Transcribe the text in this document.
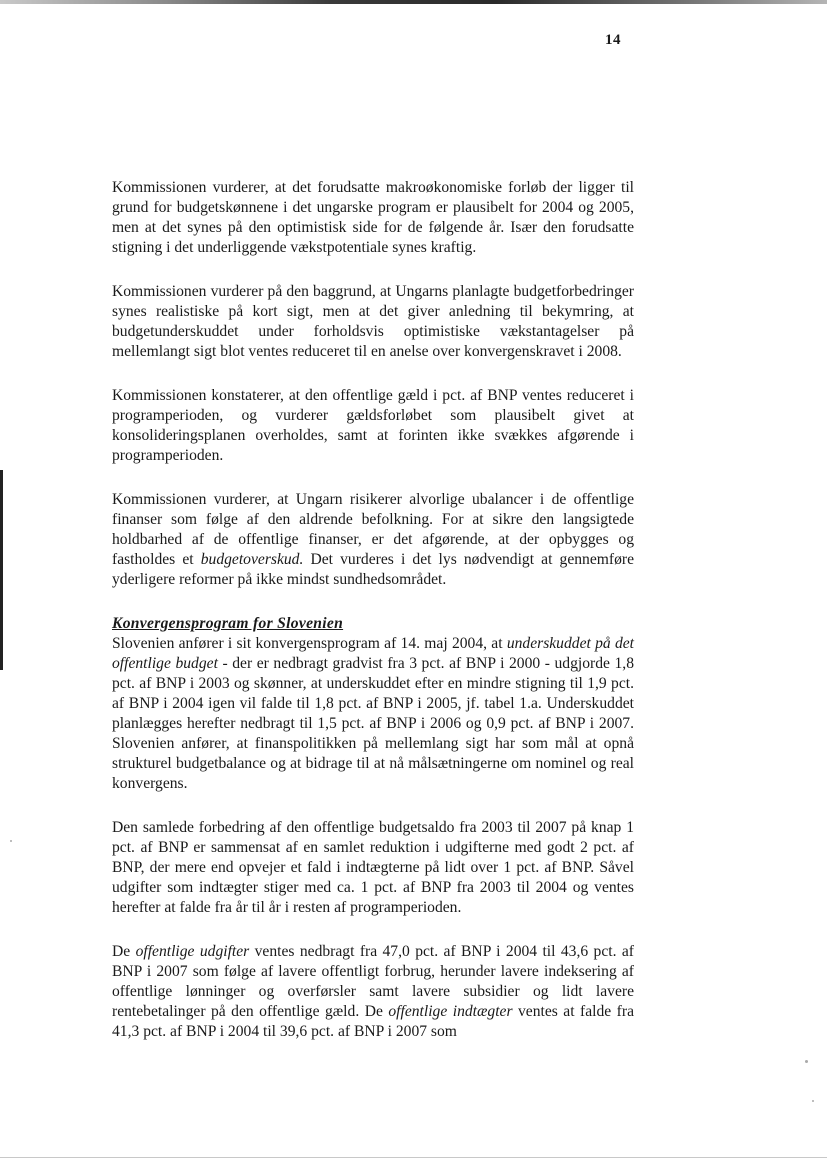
14

Kommissionen vurderer, at det forudsatte makroøkonomiske forløb der ligger til grund for budgetskønnene i det ungarske program er plausibelt for 2004 og 2005, men at det synes på den optimistisk side for de følgende år. Især den forudsatte stigning i det underliggende vækstpotentiale synes kraftig.

Kommissionen vurderer på den baggrund, at Ungarns planlagte budgetforbedringer synes realistiske på kort sigt, men at det giver anledning til bekymring, at budgetunderskuddet under forholdsvis optimistiske vækstantagelser på mellemlangt sigt blot ventes reduceret til en anelse over konvergenskravet i 2008.

Kommissionen konstaterer, at den offentlige gæld i pct. af BNP ventes reduceret i programperioden, og vurderer gældsforløbet som plausibelt givet at konsolideringsplanen overholdes, samt at forinten ikke svækkes afgørende i programperioden.

Kommissionen vurderer, at Ungarn risikerer alvorlige ubalancer i de offentlige finanser som følge af den aldrende befolkning. For at sikre den langsigtede holdbarhed af de offentlige finanser, er det afgørende, at der opbygges og fastholdes et budgetoverskud. Det vurderes i det lys nødvendigt at gennemføre yderligere reformer på ikke mindst sundhedsområdet.

Konvergensprogram for Slovenien

Slovenien anfører i sit konvergensprogram af 14. maj 2004, at underskuddet på det offentlige budget - der er nedbragt gradvist fra 3 pct. af BNP i 2000 - udgjorde 1,8 pct. af BNP i 2003 og skønner, at underskuddet efter en mindre stigning til 1,9 pct. af BNP i 2004 igen vil falde til 1,8 pct. af BNP i 2005, jf. tabel 1.a. Underskuddet planlægges herefter nedbragt til 1,5 pct. af BNP i 2006 og 0,9 pct. af BNP i 2007. Slovenien anfører, at finanspolitikken på mellemlang sigt har som mål at opnå strukturel budgetbalance og at bidrage til at nå målsætningerne om nominel og real konvergens.

Den samlede forbedring af den offentlige budgetsaldo fra 2003 til 2007 på knap 1 pct. af BNP er sammensat af en samlet reduktion i udgifterne med godt 2 pct. af BNP, der mere end opvejer et fald i indtægterne på lidt over 1 pct. af BNP. Såvel udgifter som indtægter stiger med ca. 1 pct. af BNP fra 2003 til 2004 og ventes herefter at falde fra år til år i resten af programperioden.

De offentlige udgifter ventes nedbragt fra 47,0 pct. af BNP i 2004 til 43,6 pct. af BNP i 2007 som følge af lavere offentligt forbrug, herunder lavere indeksering af offentlige lønninger og overførsler samt lavere subsidier og lidt lavere rentebetalinger på den offentlige gæld. De offentlige indtægter ventes at falde fra 41,3 pct. af BNP i 2004 til 39,6 pct. af BNP i 2007 som
